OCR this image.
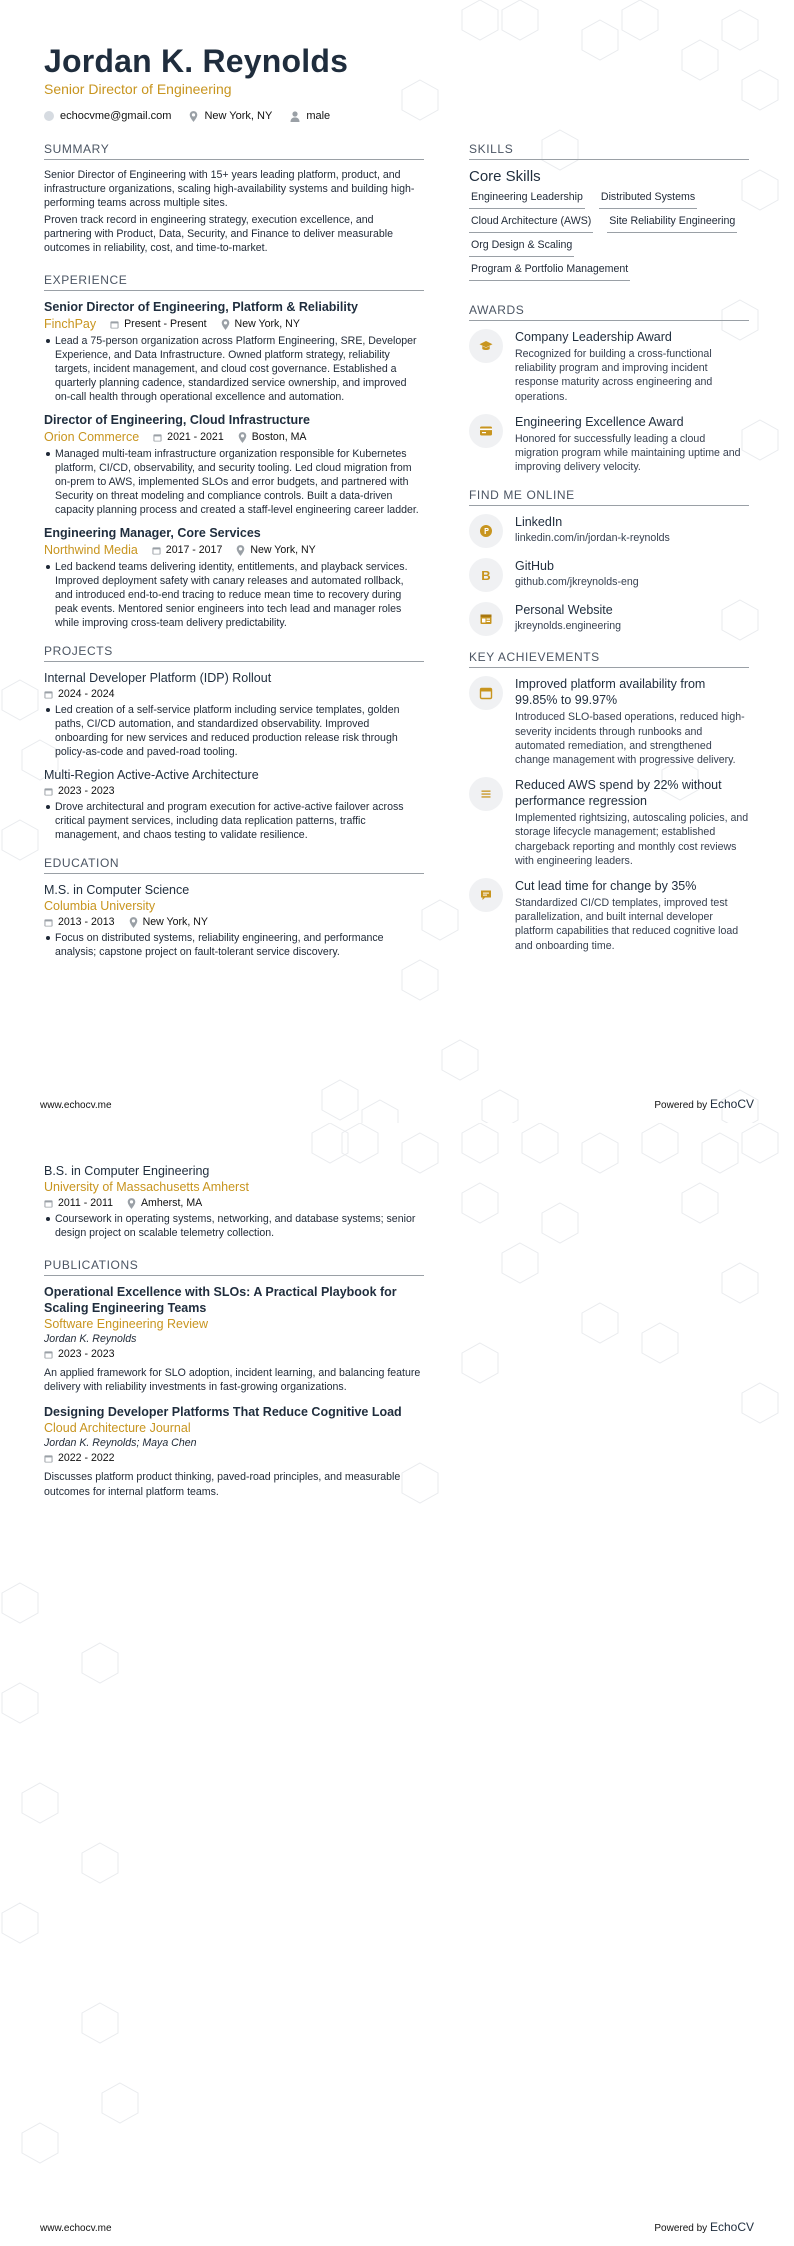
Jordan K. Reynolds
Senior Director of Engineering
echocvme@gmail.com	New York, NY	male
SUMMARY

Senior Director of Engineering with 15+ years leading platform, product, and infrastructure organizations, scaling high-availability systems and building high-performing teams across multiple sites.

Proven track record in engineering strategy, execution excellence, and partnering with Product, Data, Security, and Finance to deliver measurable outcomes in reliability, cost, and time-to-market.

EXPERIENCE
Senior Director of Engineering, Platform & Reliability
FinchPay	Present - Present	New York, NY
Lead a 75-person organization across Platform Engineering, SRE, Developer Experience, and Data Infrastructure. Owned platform strategy, reliability targets, incident management, and cloud cost governance. Established a quarterly planning cadence, standardized service ownership, and improved on-call health through operational excellence and automation.
Director of Engineering, Cloud Infrastructure
Orion Commerce	2021 - 2021	Boston, MA
Managed multi-team infrastructure organization responsible for Kubernetes platform, CI/CD, observability, and security tooling. Led cloud migration from on-prem to AWS, implemented SLOs and error budgets, and partnered with Security on threat modeling and compliance controls. Built a data-driven capacity planning process and created a staff-level engineering career ladder.
Engineering Manager, Core Services
Northwind Media	2017 - 2017	New York, NY
Led backend teams delivering identity, entitlements, and playback services. Improved deployment safety with canary releases and automated rollback, and introduced end-to-end tracing to reduce mean time to recovery during peak events. Mentored senior engineers into tech lead and manager roles while improving cross-team delivery predictability.
PROJECTS
Internal Developer Platform (IDP) Rollout
2024 - 2024
Led creation of a self-service platform including service templates, golden paths, CI/CD automation, and standardized observability. Improved onboarding for new services and reduced production release risk through policy-as-code and paved-road tooling.
Multi-Region Active-Active Architecture
2023 - 2023
Drove architectural and program execution for active-active failover across critical payment services, including data replication patterns, traffic management, and chaos testing to validate resilience.
EDUCATION
M.S. in Computer Science
Columbia University
2013 - 2013	New York, NY
Focus on distributed systems, reliability engineering, and performance analysis; capstone project on fault-tolerant service discovery.
SKILLS
Core Skills
Engineering Leadership Distributed Systems
Cloud Architecture (AWS) Site Reliability Engineering
Org Design & Scaling
Program & Portfolio Management
AWARDS
Company Leadership Award
Recognized for building a cross-functional reliability program and improving incident response maturity across engineering and operations.
Engineering Excellence Award
Honored for successfully leading a cloud migration program while maintaining uptime and improving delivery velocity.
FIND ME ONLINE
LinkedIn
linkedin.com/in/jordan-k-reynolds
B
GitHub
github.com/jkreynolds-eng
Personal Website
jkreynolds.engineering
KEY ACHIEVEMENTS
Improved platform availability from 99.85% to 99.97%
Introduced SLO-based operations, reduced high-severity incidents through runbooks and automated remediation, and strengthened change management with progressive delivery.
Reduced AWS spend by 22% without performance regression
Implemented rightsizing, autoscaling policies, and storage lifecycle management; established chargeback reporting and monthly cost reviews with engineering leaders.
Cut lead time for change by 35%
Standardized CI/CD templates, improved test parallelization, and built internal developer platform capabilities that reduced cognitive load and onboarding time.
www.echocv.me	Powered by EchoCV
B.S. in Computer Engineering
University of Massachusetts Amherst
2011 - 2011	Amherst, MA
Coursework in operating systems, networking, and database systems; senior design project on scalable telemetry collection.
PUBLICATIONS
Operational Excellence with SLOs: A Practical Playbook for Scaling Engineering Teams
Software Engineering Review
Jordan K. Reynolds
2023 - 2023

An applied framework for SLO adoption, incident learning, and balancing feature delivery with reliability investments in fast-growing organizations.

Designing Developer Platforms That Reduce Cognitive Load
Cloud Architecture Journal
Jordan K. Reynolds; Maya Chen
2022 - 2022

Discusses platform product thinking, paved-road principles, and measurable outcomes for internal platform teams.

www.echocv.me	Powered by EchoCV
